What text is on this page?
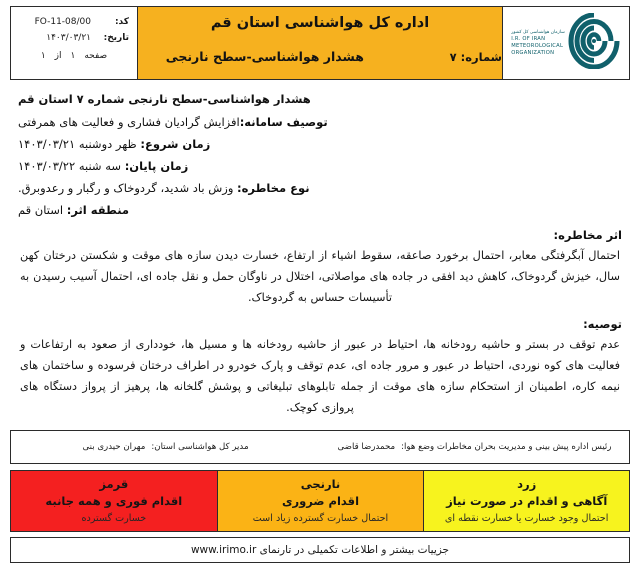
سازمان هواشناسی کل کشور
I.R. OF IRAN
METEOROLOGICAL
ORGANIZATION
اداره کل هواشناسی استان قم
شماره: ۷
هشدار هواشناسی-سطح نارنجی
کد:
FO-11-08/00
تاریخ:
۱۴۰۳/۰۳/۲۱
صفحه
۱
از
۱
هشدار هواشناسی-سطح نارنجی شماره ۷ استان قم
توصیف سامانه:افزایش گرادیان فشاری و فعالیت های همرفتی
زمان شروع: ظهر دوشنبه ۱۴۰۳/۰۳/۲۱
زمان پایان: سه شنبه ۱۴۰۳/۰۳/۲۲
نوع مخاطره: وزش باد شدید، گردوخاک و رگبار و رعدوبرق.
منطقه اثر: استان قم
اثر مخاطره:
احتمال آبگرفتگی معابر، احتمال برخورد صاعقه، سقوط اشیاء از ارتفاع، خسارت دیدن سازه های موقت و شکستن درختان کهن سال، خیزش گردوخاک، کاهش دید افقی در جاده های مواصلاتی، اختلال در ناوگان حمل و نقل جاده ای، احتمال آسیب رسیدن به تأسیسات حساس به گردوخاک.
توصیه:
عدم توقف در بستر و حاشیه رودخانه ها، احتیاط در عبور از حاشیه رودخانه ها و مسیل ها، خودداری از صعود به ارتفاعات و فعالیت های کوه نوردی، احتیاط در عبور و مرور جاده ای، عدم توقف و پارک خودرو در اطراف درختان فرسوده و ساختمان های نیمه کاره، اطمینان از استحکام سازه های موقت از جمله تابلوهای تبلیغاتی و پوشش گلخانه ها، پرهیز از پرواز دستگاه های پروازی کوچک.
رئیس اداره پیش بینی و مدیریت بحران مخاطرات وضع هوا:محمدرضا قاضی
مدیر کل هواشناسی استان:مهران حیدری بنی
زرد
آگاهی و اقدام در صورت نیاز
احتمال وجود خسارت یا خسارت نقطه ای
نارنجی
اقدام ضروری
احتمال خسارت گسترده زیاد است
قرمز
اقدام فوری و همه جانبه
خسارت گسترده
جزییات بیشتر و اطلاعات تکمیلی در تارنمای www.irimo.ir
